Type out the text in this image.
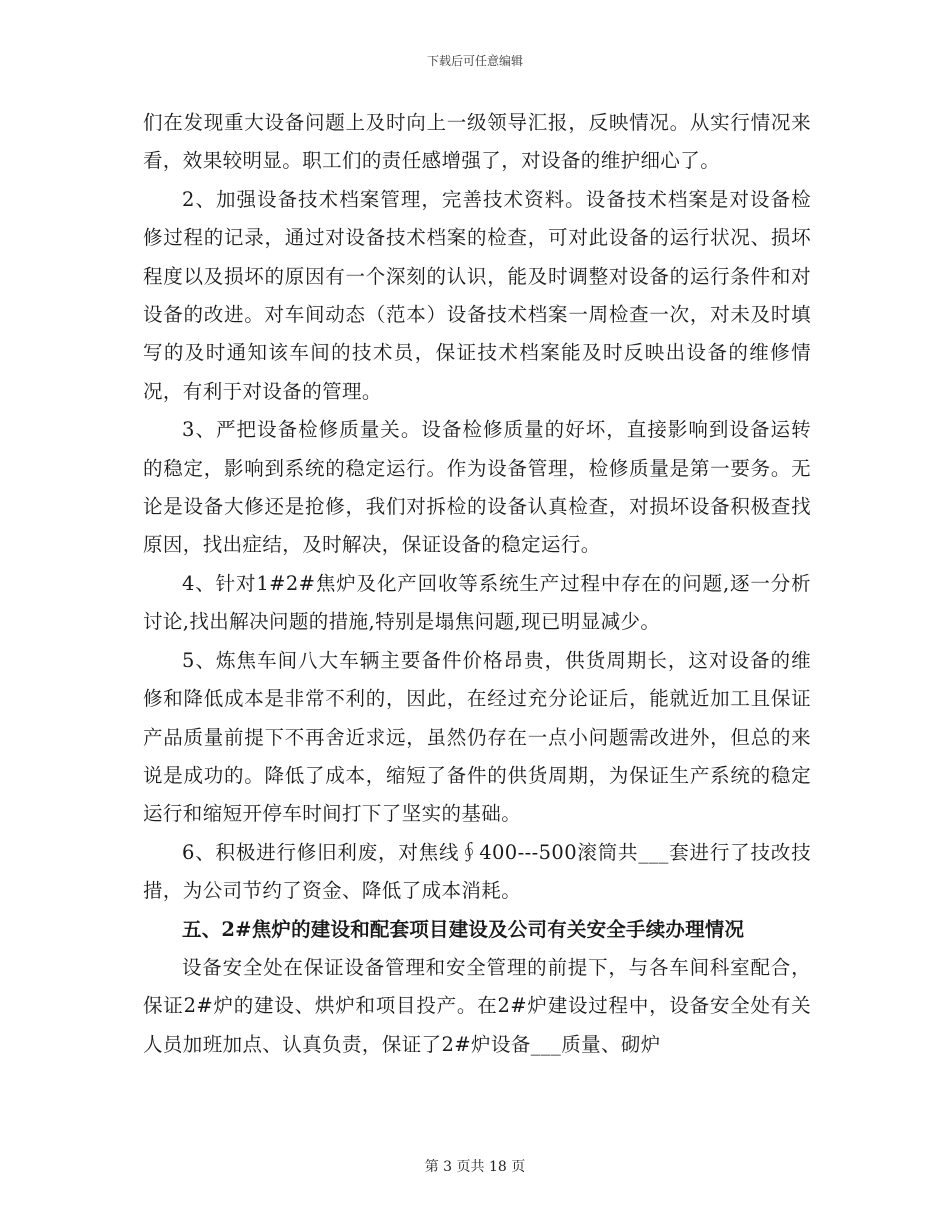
下载后可任意编辑

们在发现重大设备问题上及时向上一级领导汇报，反映情况。从实行情况来看，效果较明显。职工们的责任感增强了，对设备的维护细心了。

2、加强设备技术档案管理，完善技术资料。设备技术档案是对设备检修过程的记录，通过对设备技术档案的检查，可对此设备的运行状况、损坏程度以及损坏的原因有一个深刻的认识，能及时调整对设备的运行条件和对设备的改进。对车间动态（范本）设备技术档案一周检查一次，对未及时填写的及时通知该车间的技术员，保证技术档案能及时反映出设备的维修情况，有利于对设备的管理。

3、严把设备检修质量关。设备检修质量的好坏，直接影响到设备运转的稳定，影响到系统的稳定运行。作为设备管理，检修质量是第一要务。无论是设备大修还是抢修，我们对拆检的设备认真检查，对损坏设备积极查找原因，找出症结，及时解决，保证设备的稳定运行。

4、针对1#2#焦炉及化产回收等系统生产过程中存在的问题,逐一分析讨论,找出解决问题的措施,特别是塌焦问题,现已明显减少。

5、炼焦车间八大车辆主要备件价格昂贵，供货周期长，这对设备的维修和降低成本是非常不利的，因此，在经过充分论证后，能就近加工且保证产品质量前提下不再舍近求远，虽然仍存在一点小问题需改进外，但总的来说是成功的。降低了成本，缩短了备件的供货周期，为保证生产系统的稳定运行和缩短开停车时间打下了坚实的基础。

6、积极进行修旧利废，对焦线∮400---500滚筒共___套进行了技改技措，为公司节约了资金、降低了成本消耗。

五、2#焦炉的建设和配套项目建设及公司有关安全手续办理情况

设备安全处在保证设备管理和安全管理的前提下，与各车间科室配合，保证2#炉的建设、烘炉和项目投产。在2#炉建设过程中，设备安全处有关人员加班加点、认真负责，保证了2#炉设备___质量、砌炉

第 3 页共 18 页
